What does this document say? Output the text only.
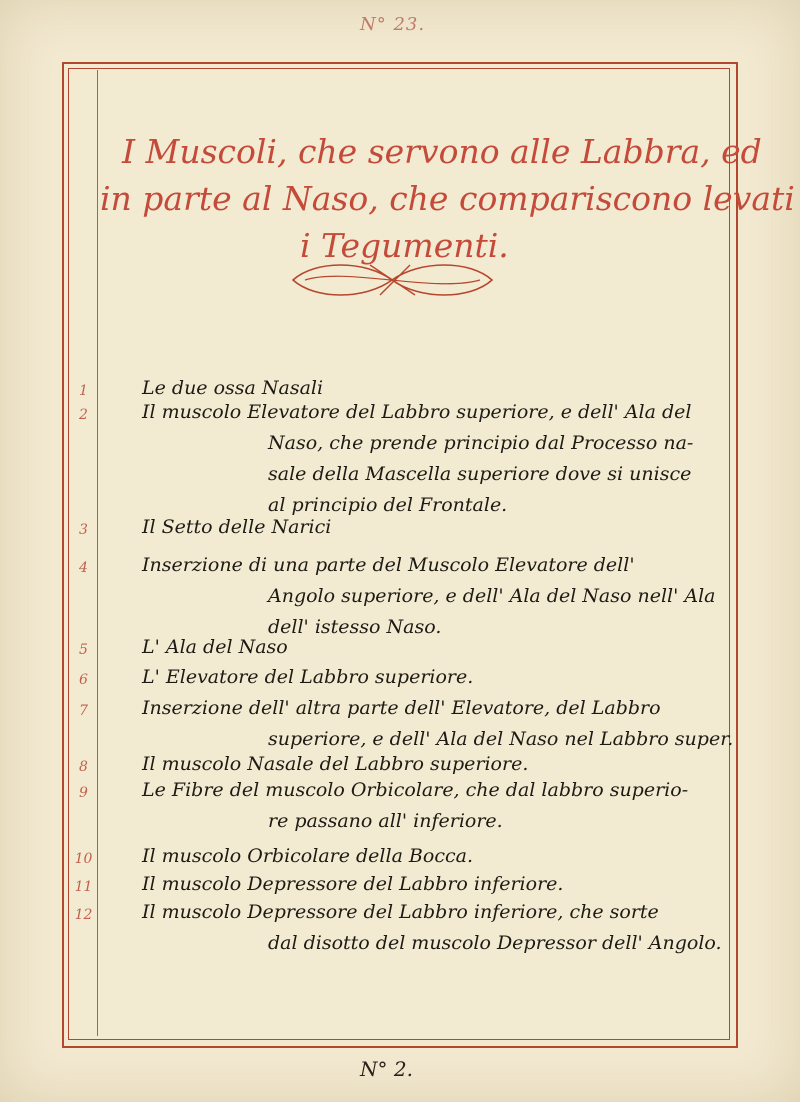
N° 23.
I Muscoli, che servono alle Labbra, ed
in parte al Naso, che compariscono levati
i Tegumenti.
1	Le due ossa Nasali
2	Il muscolo Elevatore del Labbro superiore, e dell' Ala del
Naso, che prende principio dal Processo na-
sale della Mascella superiore dove si unisce
al principio del Frontale.
3	Il Setto delle Narici
4	Inserzione di una parte del Muscolo Elevatore dell'
Angolo superiore, e dell' Ala del Naso nell' Ala
dell' istesso Naso.
5	L' Ala del Naso
6	L' Elevatore del Labbro superiore.
7	Inserzione dell' altra parte dell' Elevatore, del Labbro
superiore, e dell' Ala del Naso nel Labbro super.
8	Il muscolo Nasale del Labbro superiore.
9	Le Fibre del muscolo Orbicolare, che dal labbro superio-
re passano all' inferiore.
10	Il muscolo Orbicolare della Bocca.
11	Il muscolo Depressore del Labbro inferiore.
12	Il muscolo Depressore del Labbro inferiore, che sorte
dal disotto del muscolo Depressor dell' Angolo.
N° 2.
